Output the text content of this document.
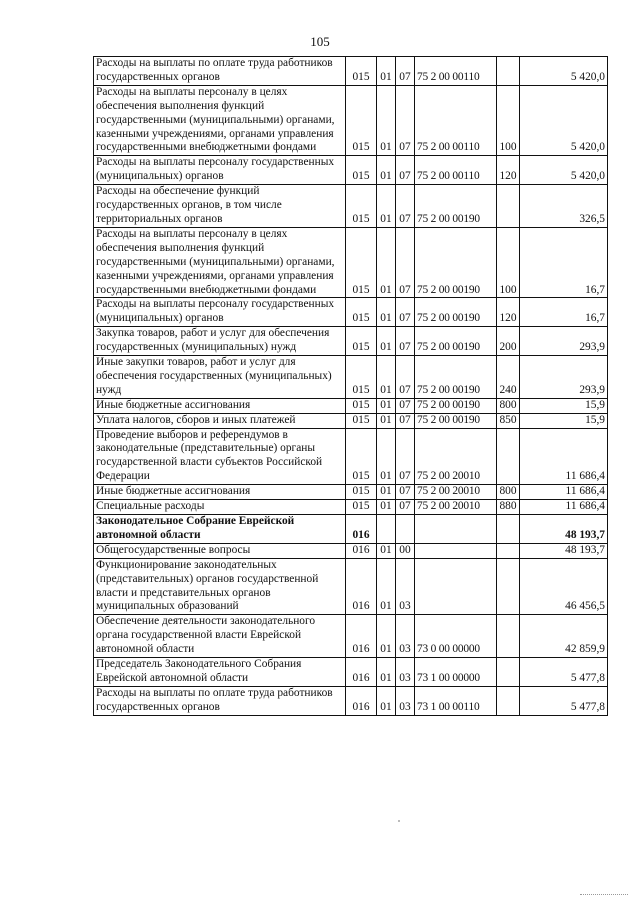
105
Расходы на выплаты по оплате труда работников государственных органов	015	01	07	75 2 00 00110		5 420,0
Расходы на выплаты персоналу в целях обеспечения выполнения функций государственными (муниципальными) органами, казенными учреждениями, органами управления государственными внебюджетными фондами	015	01	07	75 2 00 00110	100	5 420,0
Расходы на выплаты персоналу государственных (муниципальных) органов	015	01	07	75 2 00 00110	120	5 420,0
Расходы на обеспечение функций государственных органов, в том числе территориальных органов	015	01	07	75 2 00 00190		326,5
Расходы на выплаты персоналу в целях обеспечения выполнения функций государственными (муниципальными) органами, казенными учреждениями, органами управления государственными внебюджетными фондами	015	01	07	75 2 00 00190	100	16,7
Расходы на выплаты персоналу государственных (муниципальных) органов	015	01	07	75 2 00 00190	120	16,7
Закупка товаров, работ и услуг для обеспечения государственных (муниципальных) нужд	015	01	07	75 2 00 00190	200	293,9
Иные закупки товаров, работ и услуг для обеспечения государственных (муниципальных) нужд	015	01	07	75 2 00 00190	240	293,9
Иные бюджетные ассигнования	015	01	07	75 2 00 00190	800	15,9
Уплата налогов, сборов и иных платежей	015	01	07	75 2 00 00190	850	15,9
Проведение выборов и референдумов в законодательные (представительные) органы государственной власти субъектов Российской Федерации	015	01	07	75 2 00 20010		11 686,4
Иные бюджетные ассигнования	015	01	07	75 2 00 20010	800	11 686,4
Специальные расходы	015	01	07	75 2 00 20010	880	11 686,4
Законодательное Собрание Еврейской автономной области	016					48 193,7
Общегосударственные вопросы	016	01	00			48 193,7
Функционирование законодательных (представительных) органов государственной власти и представительных органов муниципальных образований	016	01	03			46 456,5
Обеспечение деятельности законодательного органа государственной власти Еврейской автономной области	016	01	03	73 0 00 00000		42 859,9
Председатель Законодательного Собрания Еврейской автономной области	016	01	03	73 1 00 00000		5 477,8
Расходы на выплаты по оплате труда работников государственных органов	016	01	03	73 1 00 00110		5 477,8
